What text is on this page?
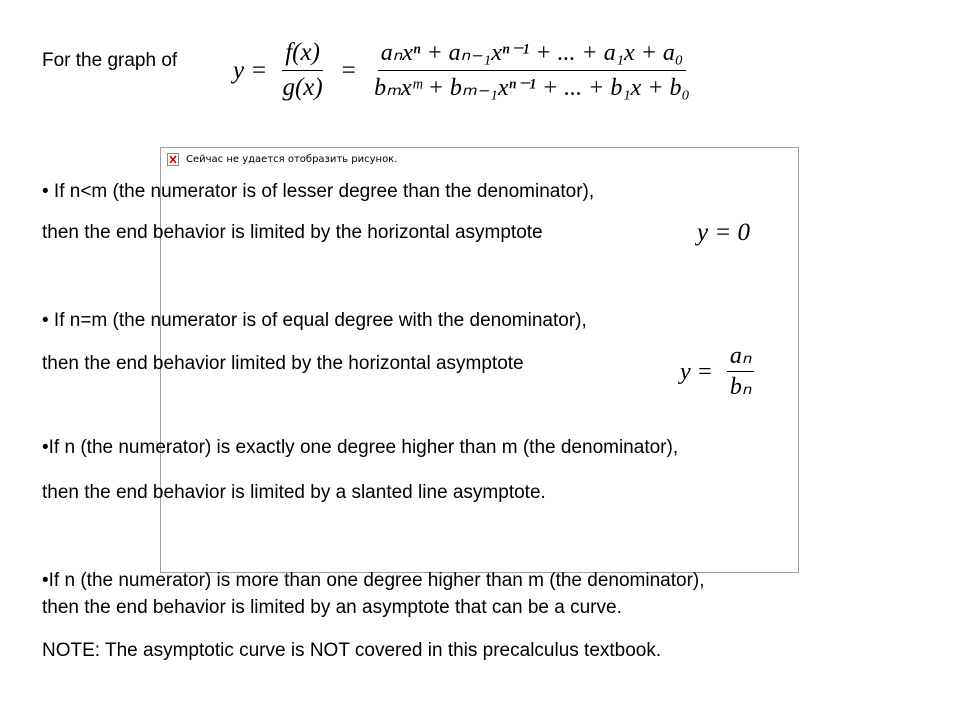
For the graph of $y = \frac{f(x)}{g(x)} = \frac{\text{aₙxⁿ + aₙ₋₁xⁿ⁻¹ + ... + a₁x + a₀}}{\text{bₘxᵐ + bₘ₋₁xⁿ⁻¹ + ... + b₁x + b₀}}$
Сейчас не удается отобразить рисунок.
• If n<m (the numerator is of lesser degree than the denominator),
then the end behavior is limited by the horizontal asymptote	y = 0
• If n=m (the numerator is of equal degree with the denominator),
then the end behavior limited by the horizontal asymptote	$y = \frac{\text{aₙ}}{\text{bₙ}}$
•If n (the numerator) is exactly one degree higher than m (the denominator),
then the end behavior is limited by a slanted line asymptote.
•If n (the numerator) is more than one degree higher than m (the denominator),
then the end behavior is limited by an asymptote that can be a curve.
NOTE: The asymptotic curve is NOT covered in this precalculus textbook.
